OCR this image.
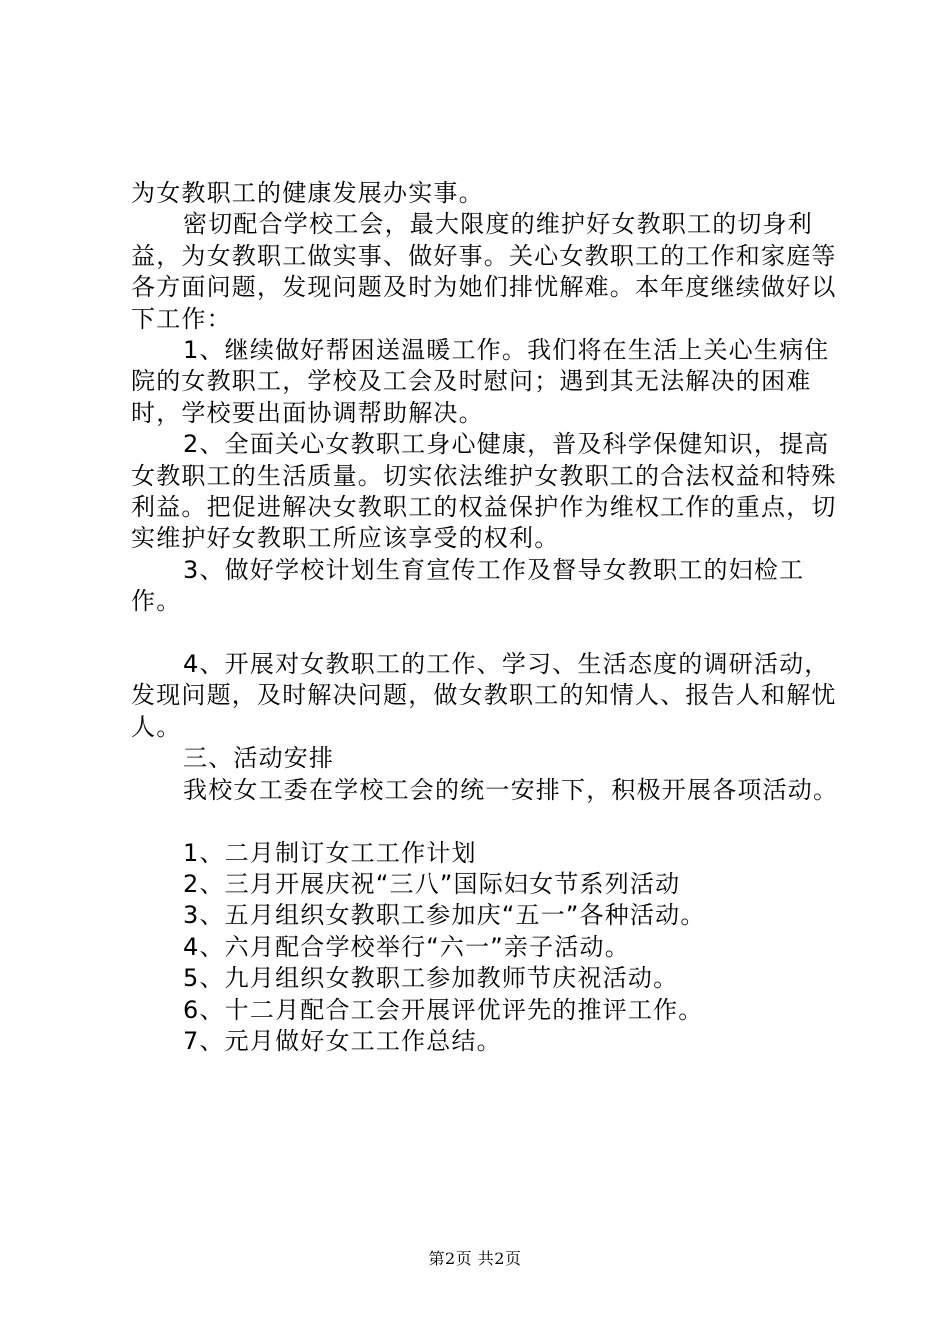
为女教职工的健康发展办实事。

密切配合学校工会，最大限度的维护好女教职工的切身利益，为女教职工做实事、做好事。关心女教职工的工作和家庭等各方面问题，发现问题及时为她们排忧解难。本年度继续做好以下工作：

1、继续做好帮困送温暖工作。我们将在生活上关心生病住院的女教职工，学校及工会及时慰问；遇到其无法解决的困难时，学校要出面协调帮助解决。

2、全面关心女教职工身心健康，普及科学保健知识，提高女教职工的生活质量。切实依法维护女教职工的合法权益和特殊利益。把促进解决女教职工的权益保护作为维权工作的重点，切实维护好女教职工所应该享受的权利。

3、做好学校计划生育宣传工作及督导女教职工的妇检工作。

4、开展对女教职工的工作、学习、生活态度的调研活动，发现问题，及时解决问题，做女教职工的知情人、报告人和解忧人。

三、活动安排

我校女工委在学校工会的统一安排下，积极开展各项活动。

1、二月制订女工工作计划

2、三月开展庆祝“三八”国际妇女节系列活动

3、五月组织女教职工参加庆“五一”各种活动。

4、六月配合学校举行“六一”亲子活动。

5、九月组织女教职工参加教师节庆祝活动。

6、十二月配合工会开展评优评先的推评工作。

7、元月做好女工工作总结。

第2页 共2页
